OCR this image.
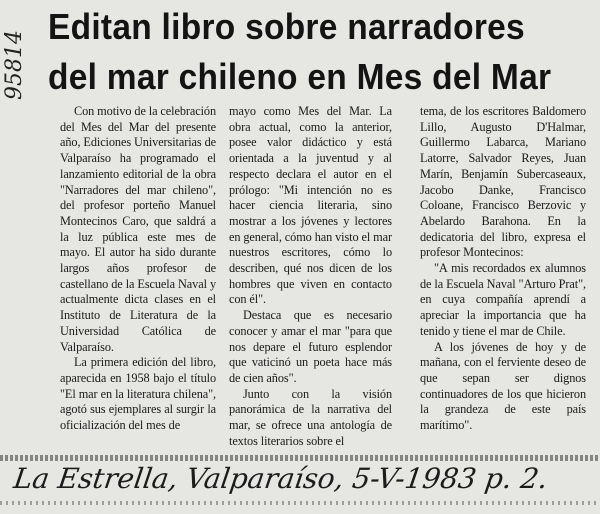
95814
Editan libro sobre narradores
del mar chileno en Mes del Mar

Con motivo de la celebración del Mes del Mar del presente año, Ediciones Universitarias de Valparaíso ha programado el lanzamiento editorial de la obra "Narradores del mar chileno", del profesor porteño Manuel Montecinos Caro, que saldrá a la luz pública este mes de mayo. El autor ha sido durante largos años profesor de castellano de la Escuela Naval y actualmente dicta clases en el Instituto de Literatura de la Universidad Católica de Valparaíso.

La primera edición del libro, aparecida en 1958 bajo el título "El mar en la literatura chilena", agotó sus ejemplares al surgir la oficialización del mes de

mayo como Mes del Mar. La obra actual, como la anterior, posee valor didáctico y está orientada a la juventud y al respecto declara el autor en el prólogo: "Mi intención no es hacer ciencia literaria, sino mostrar a los jóvenes y lectores en general, cómo han visto el mar nuestros escritores, cómo lo describen, qué nos dicen de los hombres que viven en contacto con él".

Destaca que es necesario conocer y amar el mar "para que nos depare el futuro esplendor que vaticinó un poeta hace más de cien años".

Junto con la visión panorámica de la narrativa del mar, se ofrece una antología de textos literarios sobre el

tema, de los escritores Baldomero Lillo, Augusto D'Halmar, Guillermo Labarca, Mariano Latorre, Salvador Reyes, Juan Marín, Benjamín Subercaseaux, Jacobo Danke, Francisco Coloane, Francisco Berzovic y Abelardo Barahona. En la dedicatoria del libro, expresa el profesor Montecinos:

"A mis recordados ex alumnos de la Escuela Naval "Arturo Prat", en cuya compañía aprendí a apreciar la importancia que ha tenido y tiene el mar de Chile.

A los jóvenes de hoy y de mañana, con el ferviente deseo de que sepan ser dignos continuadores de los que hicieron la grandeza de este país marítimo".

La Estrella, Valparaíso, 5-V-1983 p. 2.
